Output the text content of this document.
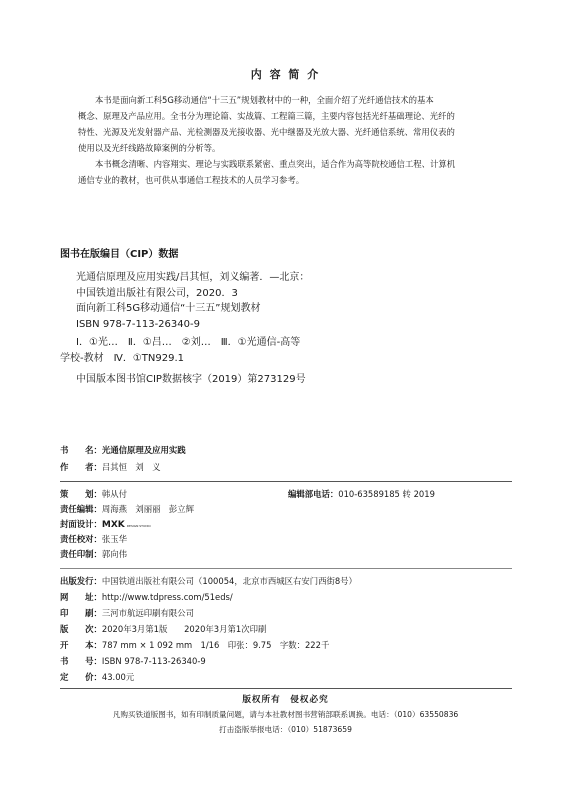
内 容 简 介
本书是面向新工科5G移动通信“十三五”规划教材中的一种，全面介绍了光纤通信技术的基本
概念、原理及产品应用。全书分为理论篇、实战篇、工程篇三篇，主要内容包括光纤基础理论、光纤的
特性、光源及光发射器产品、光检测器及光接收器、光中继器及光放大器、光纤通信系统、常用仪表的
使用以及光纤线路故障案例的分析等。
本书概念清晰、内容翔实、理论与实践联系紧密、重点突出，适合作为高等院校通信工程、计算机
通信专业的教材，也可供从事通信工程技术的人员学习参考。
图书在版编目（CIP）数据
光通信原理及应用实践/吕其恒，刘义编著．—北京：
中国铁道出版社有限公司，2020．3
面向新工科5G移动通信“十三五”规划教材
ISBN 978-7-113-26340-9
Ⅰ．①光…　Ⅱ．①吕…　②刘…　Ⅲ．①光通信-高等
学校-教材　Ⅳ．①TN929.1
中国版本图书馆CIP数据核字（2019）第273129号
书　　名：光通信原理及应用实践
作　　者：吕其恒　刘　义
策　　划：韩从付	编辑部电话：010-63589185 转 2019
责任编辑：周海燕　刘丽丽　彭立辉
封面设计：MXK DESIGN STUDIO
责任校对：张玉华
责任印制：郭向伟
出版发行：中国铁道出版社有限公司（100054，北京市西城区右安门西街8号）
网　　址：http://www.tdpress.com/51eds/
印　　刷：三河市航远印刷有限公司
版　　次：2020年3月第1版　　2020年3月第1次印刷
开　　本：787 mm × 1 092 mm　1/16　印张：9.75　字数：222千
书　　号：ISBN 978-7-113-26340-9
定　　价：43.00元
版权所有　侵权必究
凡购买铁道版图书，如有印制质量问题，请与本社教材图书营销部联系调换。电话：（010）63550836
打击盗版举报电话：（010）51873659
